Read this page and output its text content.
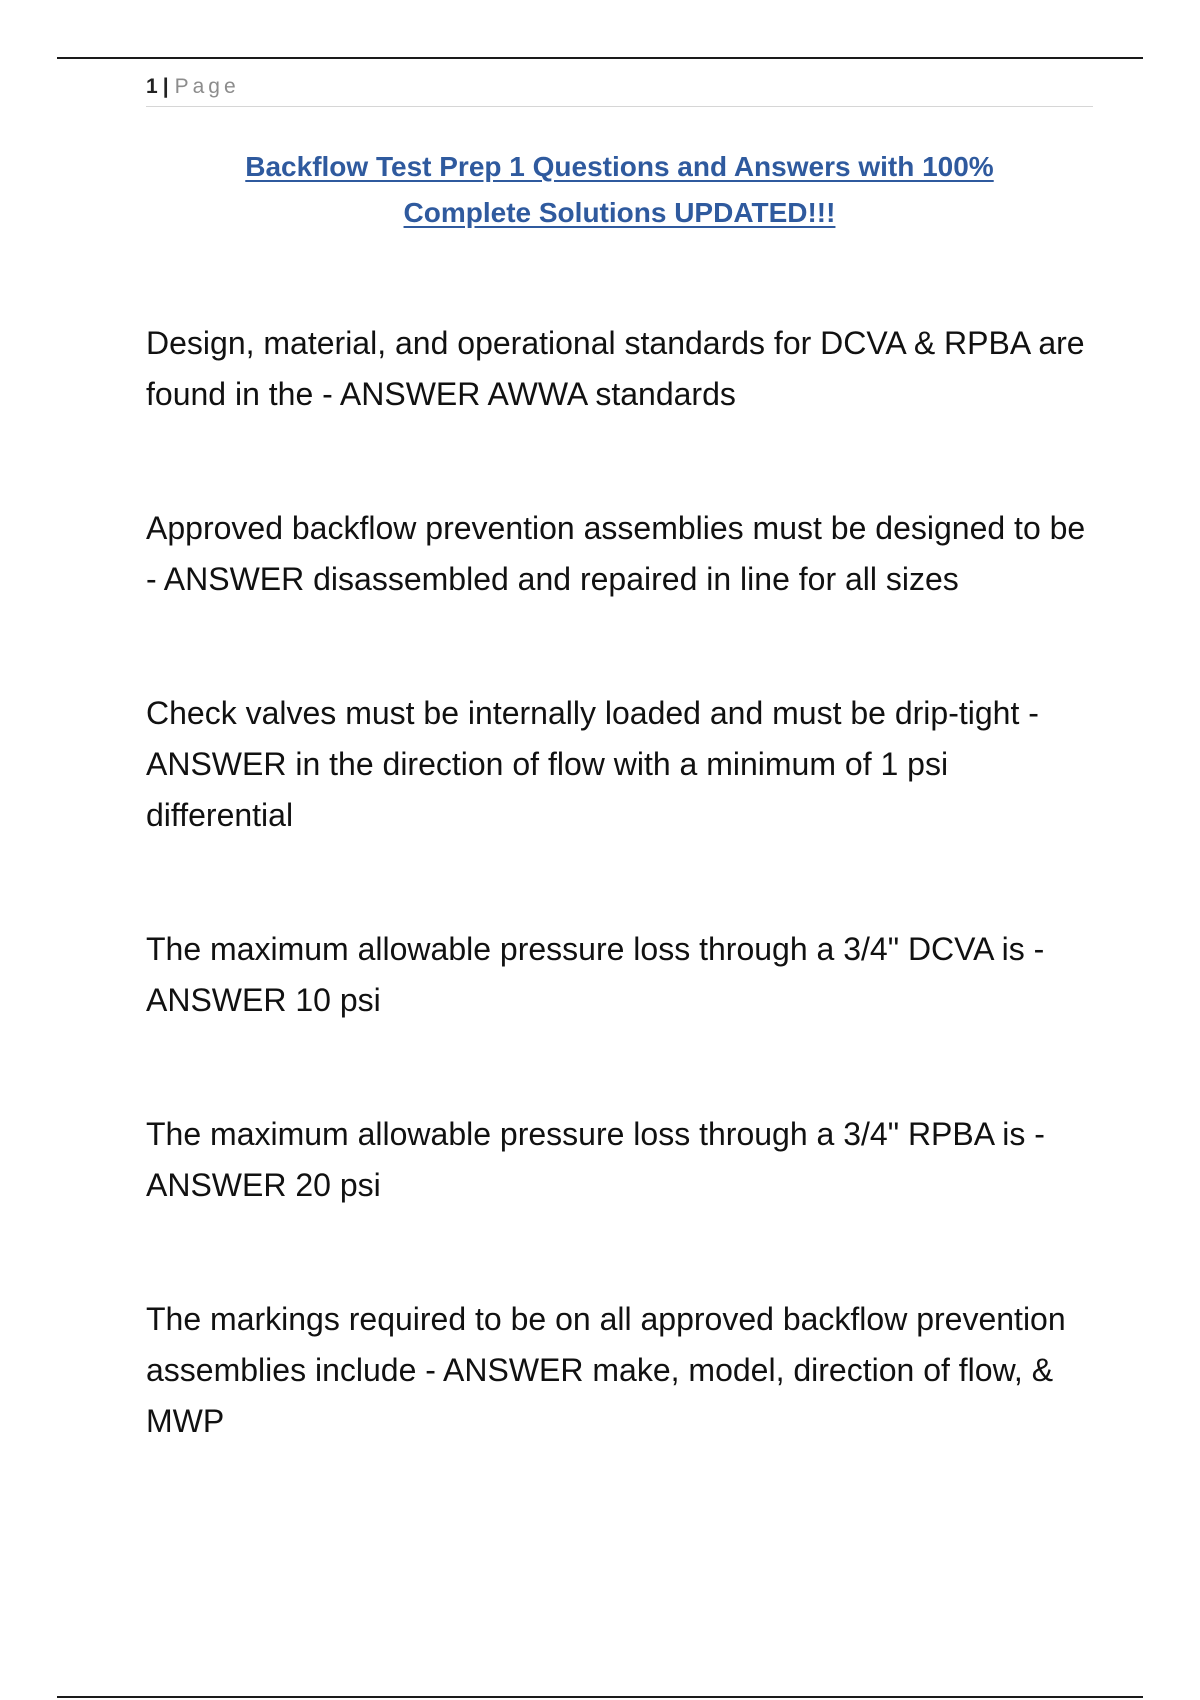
1 | Page
Backflow Test Prep 1 Questions and Answers with 100%
Complete Solutions UPDATED!!!

Design, material, and operational standards for DCVA & RPBA are found in the - ANSWER AWWA standards

Approved backflow prevention assemblies must be designed to be - ANSWER disassembled and repaired in line for all sizes

Check valves must be internally loaded and must be drip-tight - ANSWER in the direction of flow with a minimum of 1 psi differential

The maximum allowable pressure loss through a 3/4" DCVA is - ANSWER 10 psi

The maximum allowable pressure loss through a 3/4" RPBA is - ANSWER 20 psi

The markings required to be on all approved backflow prevention assemblies include - ANSWER make, model, direction of flow, & MWP
